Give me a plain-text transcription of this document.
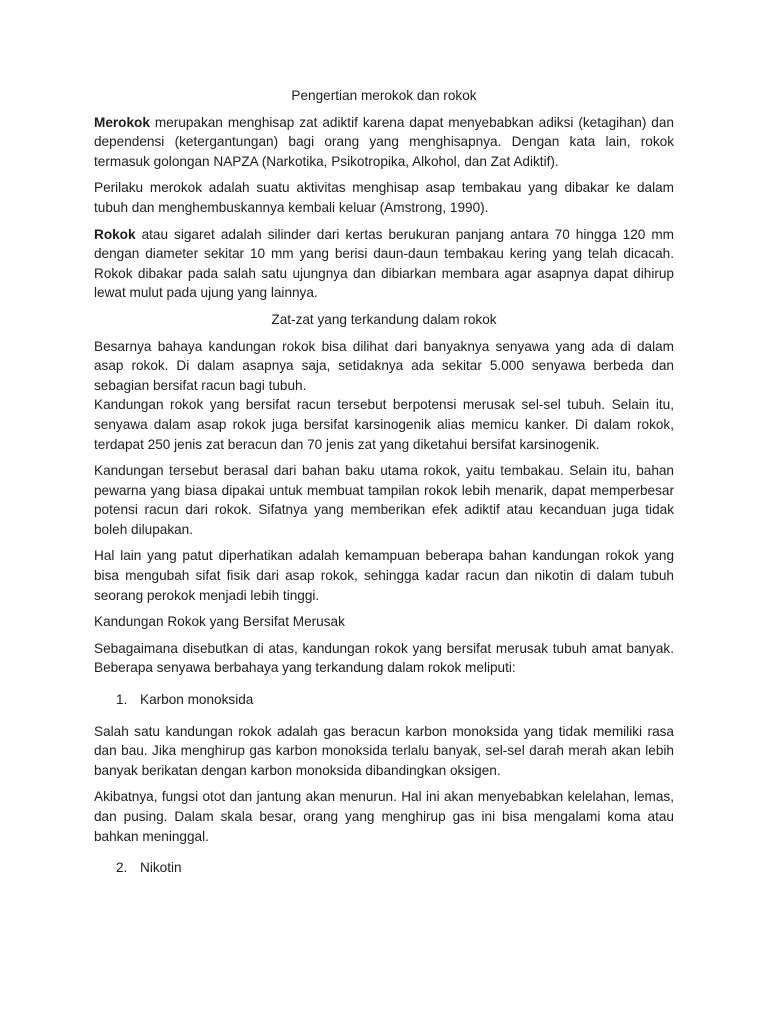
Pengertian merokok dan rokok

Merokok merupakan menghisap zat adiktif karena dapat menyebabkan adiksi (ketagihan) dan dependensi (ketergantungan) bagi orang yang menghisapnya. Dengan kata lain, rokok termasuk golongan NAPZA (Narkotika, Psikotropika, Alkohol, dan Zat Adiktif).

Perilaku merokok adalah suatu aktivitas menghisap asap tembakau yang dibakar ke dalam tubuh dan menghembuskannya kembali keluar (Amstrong, 1990).

Rokok atau sigaret adalah silinder dari kertas berukuran panjang antara 70 hingga 120 mm dengan diameter sekitar 10 mm yang berisi daun-daun tembakau kering yang telah dicacah. Rokok dibakar pada salah satu ujungnya dan dibiarkan membara agar asapnya dapat dihirup lewat mulut pada ujung yang lainnya.

Zat-zat yang terkandung dalam rokok

Besarnya bahaya kandungan rokok bisa dilihat dari banyaknya senyawa yang ada di dalam asap rokok. Di dalam asapnya saja, setidaknya ada sekitar 5.000 senyawa berbeda dan sebagian bersifat racun bagi tubuh.

Kandungan rokok yang bersifat racun tersebut berpotensi merusak sel-sel tubuh. Selain itu, senyawa dalam asap rokok juga bersifat karsinogenik alias memicu kanker. Di dalam rokok, terdapat 250 jenis zat beracun dan 70 jenis zat yang diketahui bersifat karsinogenik.

Kandungan tersebut berasal dari bahan baku utama rokok, yaitu tembakau. Selain itu, bahan pewarna yang biasa dipakai untuk membuat tampilan rokok lebih menarik, dapat memperbesar potensi racun dari rokok. Sifatnya yang memberikan efek adiktif atau kecanduan juga tidak boleh dilupakan.

Hal lain yang patut diperhatikan adalah kemampuan beberapa bahan kandungan rokok yang bisa mengubah sifat fisik dari asap rokok, sehingga kadar racun dan nikotin di dalam tubuh seorang perokok menjadi lebih tinggi.

Kandungan Rokok yang Bersifat Merusak

Sebagaimana disebutkan di atas, kandungan rokok yang bersifat merusak tubuh amat banyak. Beberapa senyawa berbahaya yang terkandung dalam rokok meliputi:

1. Karbon monoksida

Salah satu kandungan rokok adalah gas beracun karbon monoksida yang tidak memiliki rasa dan bau. Jika menghirup gas karbon monoksida terlalu banyak, sel-sel darah merah akan lebih banyak berikatan dengan karbon monoksida dibandingkan oksigen.

Akibatnya, fungsi otot dan jantung akan menurun. Hal ini akan menyebabkan kelelahan, lemas, dan pusing. Dalam skala besar, orang yang menghirup gas ini bisa mengalami koma atau bahkan meninggal.

2. Nikotin
